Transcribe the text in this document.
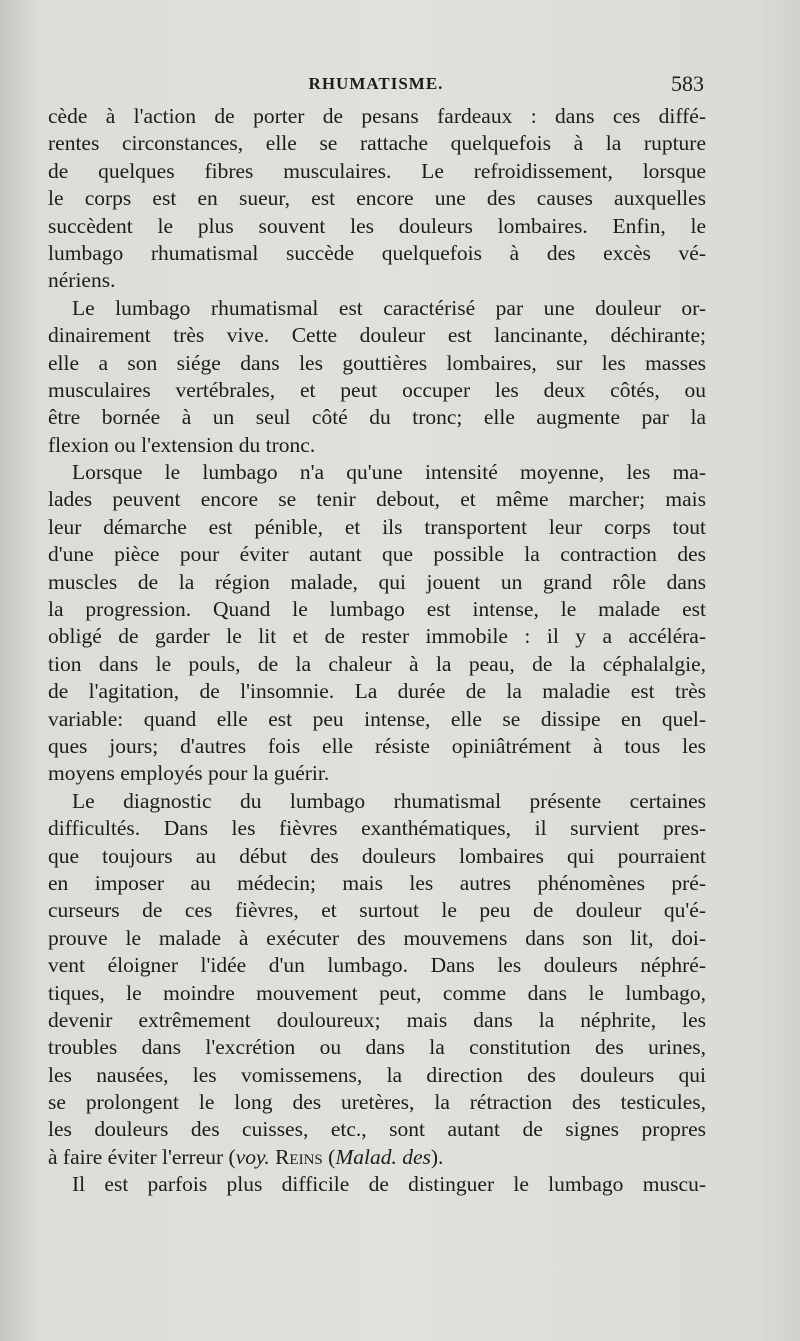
RHUMATISME.	583
cède à l'action de porter de pesans fardeaux : dans ces diffé-
rentes circonstances, elle se rattache quelquefois à la rupture
de quelques fibres musculaires. Le refroidissement, lorsque
le corps est en sueur, est encore une des causes auxquelles
succèdent le plus souvent les douleurs lombaires. Enfin, le
lumbago rhumatismal succède quelquefois à des excès vé-
nériens.
Le lumbago rhumatismal est caractérisé par une douleur or-
dinairement très vive. Cette douleur est lancinante, déchirante;
elle a son siége dans les gouttières lombaires, sur les masses
musculaires vertébrales, et peut occuper les deux côtés, ou
être bornée à un seul côté du tronc; elle augmente par la
flexion ou l'extension du tronc.
Lorsque le lumbago n'a qu'une intensité moyenne, les ma-
lades peuvent encore se tenir debout, et même marcher; mais
leur démarche est pénible, et ils transportent leur corps tout
d'une pièce pour éviter autant que possible la contraction des
muscles de la région malade, qui jouent un grand rôle dans
la progression. Quand le lumbago est intense, le malade est
obligé de garder le lit et de rester immobile : il y a accéléra-
tion dans le pouls, de la chaleur à la peau, de la céphalalgie,
de l'agitation, de l'insomnie. La durée de la maladie est très
variable: quand elle est peu intense, elle se dissipe en quel-
ques jours; d'autres fois elle résiste opiniâtrément à tous les
moyens employés pour la guérir.
Le diagnostic du lumbago rhumatismal présente certaines
difficultés. Dans les fièvres exanthématiques, il survient pres-
que toujours au début des douleurs lombaires qui pourraient
en imposer au médecin; mais les autres phénomènes pré-
curseurs de ces fièvres, et surtout le peu de douleur qu'é-
prouve le malade à exécuter des mouvemens dans son lit, doi-
vent éloigner l'idée d'un lumbago. Dans les douleurs néphré-
tiques, le moindre mouvement peut, comme dans le lumbago,
devenir extrêmement douloureux; mais dans la néphrite, les
troubles dans l'excrétion ou dans la constitution des urines,
les nausées, les vomissemens, la direction des douleurs qui
se prolongent le long des uretères, la rétraction des testicules,
les douleurs des cuisses, etc., sont autant de signes propres
à faire éviter l'erreur (voy. Reins (Malad. des).
Il est parfois plus difficile de distinguer le lumbago muscu-
